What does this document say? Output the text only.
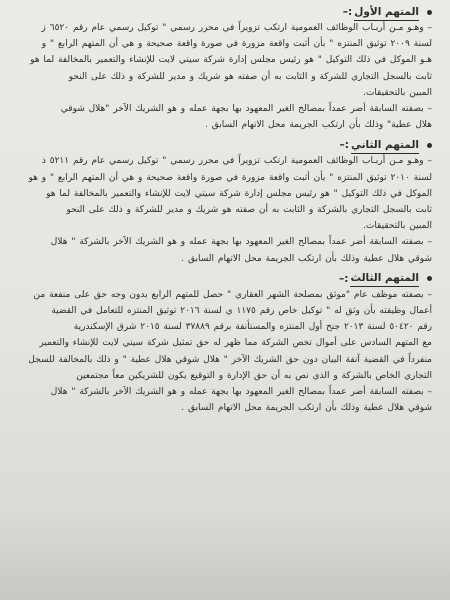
المتهم الأول
:–

– وهـو مـن أربـاب الوظائف العمومية ارتكب تزويراً في محرر رسمي " توكيل رسمي عام رقم ٦٥٢٠ ز
لسنة ٢٠٠٩ توثيق المنتزه " بأن أثبت واقعة مزورة في صورة واقعة صحيحة و هي أن المتهم الرابع " و
هـو الموكل في ذلك التوكيل " هو رئيس مجلس إدارة شركة سيتي لايت للإنشاء والتعمير بالمخالفة لما هو
ثابت بالسجل التجاري للشركة و الثابت به أن صفته هو شريك و مدير للشركة و ذلك على النحو
المبين بالتحقيقات.
– بصفته السابقة أضر عمداً بمصالح الغير المعهود بها بجهة عمله و هو الشريك الآخر "هلال شوقي
هلال عطية" وذلك بأن ارتكب الجريمة محل الاتهام السابق .

المتهم الثاني
:–

– وهـو مـن أربـاب الوظائف العمومية ارتكب تزويراً في محرر رسمي " توكيل رسمي عام رقم ٥٢١١ ذ
لسنة ٢٠١٠ توثيق المنتزه " بأن أثبت واقعة مزورة في صورة واقعة صحيحة و هي أن المتهم الرابع " و هو
الموكل في ذلك التوكيل " هو رئيس مجلس إدارة شركة سيتي لايت للإنشاء والتعمير بالمخالفة لما هو
ثابت بالسجل التجاري بالشركة و الثابت به أن صفته هو شريك و مدير للشركة و ذلك على النحو
المبين بالتحقيقات.
– بصفته السابقة أضر عمداً بمصالح الغير المعهود بها بجهة عمله و هو الشريك الآخر بالشركة " هلال
شوقي هلال عطية وذلك بأن ارتكب الجريمة محل الاتهام السابق .

المتهم الثالث
:–

– بصفته موظف عام "موثق بمصلحة الشهر العقاري " حصل للمتهم الرابع بدون وجه حق على منفعة من
أعمال وظيفته بأن وثق له " توكيل خاص رقم ١١٧٥ ي لسنة ٢٠١٦ توثيق المنتزه للتعامل في القضية
رقم ٥٠٤٢٠ لسنة ٢٠١٣ جنح أول المنتزه والمستأنفة برقم ٣٧٨٨٩ لسنة ٢٠١٥ شرق الإسكندرية
مع المتهم السادس على أموال تخص الشركة مما ظهر له حق تمثيل شركة سيتي لايت للإنشاء والتعمير
منفرداً في القضية آنفة البيان دون حق الشريك الآخر " هلال شوقي هلال عطية " و ذلك بالمخالفة للسجل
التجاري الخاص بالشركة و الذي نص به أن حق الإدارة و التوقيع يكون للشريكين معاً مجتمعين
– بصفته السابقة أضر عمداً بمصالح الغير المعهود بها بجهة عمله و هو الشريك الآخر بالشركة " هلال
شوقي هلال عطية وذلك بأن ارتكب الجريمة محل الاتهام السابق .
